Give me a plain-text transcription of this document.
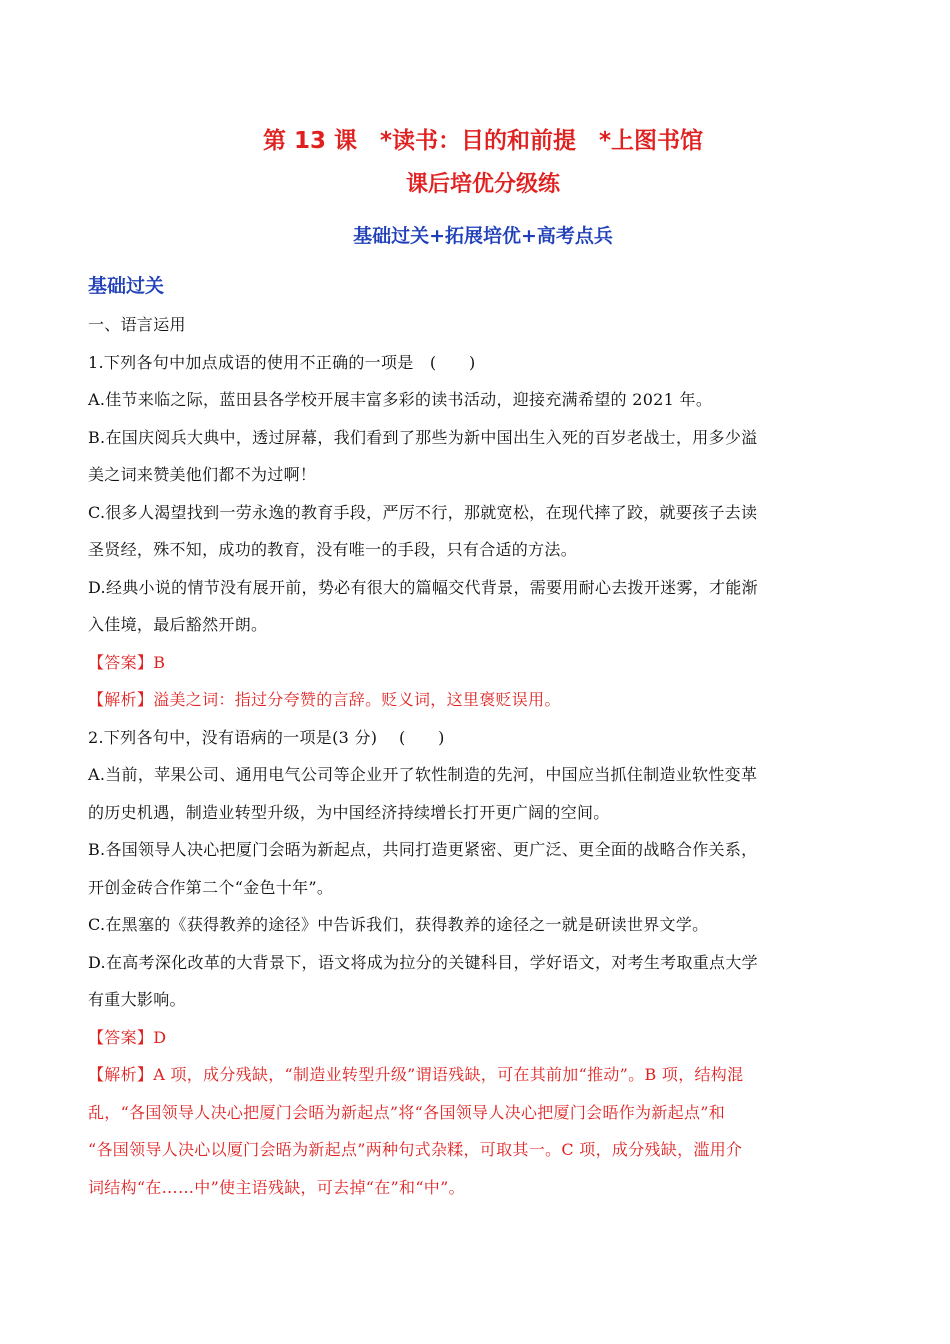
第 13 课　*读书：目的和前提　*上图书馆
课后培优分级练
基础过关+拓展培优+高考点兵
基础过关

一、语言运用

1.下列各句中加点成语的使用不正确的一项是　(　　)

A.佳节来临之际，蓝田县各学校开展丰富多彩的读书活动，迎接充满希望的 2021 年。

B.在国庆阅兵大典中，透过屏幕，我们看到了那些为新中国出生入死的百岁老战士，用多少溢

美之词来赞美他们都不为过啊！

C.很多人渴望找到一劳永逸的教育手段，严厉不行，那就宽松，在现代摔了跤，就要孩子去读

圣贤经，殊不知，成功的教育，没有唯一的手段，只有合适的方法。

D.经典小说的情节没有展开前，势必有很大的篇幅交代背景，需要用耐心去拨开迷雾，才能渐

入佳境，最后豁然开朗。

【答案】B

【解析】溢美之词：指过分夸赞的言辞。贬义词，这里褒贬误用。

2.下列各句中，没有语病的一项是(3 分)　 (　　)

A.当前，苹果公司、通用电气公司等企业开了软性制造的先河，中国应当抓住制造业软性变革

的历史机遇，制造业转型升级，为中国经济持续增长打开更广阔的空间。

B.各国领导人决心把厦门会晤为新起点，共同打造更紧密、更广泛、更全面的战略合作关系，

开创金砖合作第二个“金色十年”。

C.在黑塞的《获得教养的途径》中告诉我们，获得教养的途径之一就是研读世界文学。

D.在高考深化改革的大背景下，语文将成为拉分的关键科目，学好语文，对考生考取重点大学

有重大影响。

【答案】D

【解析】A 项，成分残缺，“制造业转型升级”谓语残缺，可在其前加“推动”。B 项，结构混

乱，“各国领导人决心把厦门会晤为新起点”将“各国领导人决心把厦门会晤作为新起点”和

“各国领导人决心以厦门会晤为新起点”两种句式杂糅，可取其一。C 项，成分残缺，滥用介

词结构“在……中”使主语残缺，可去掉“在”和“中”。
